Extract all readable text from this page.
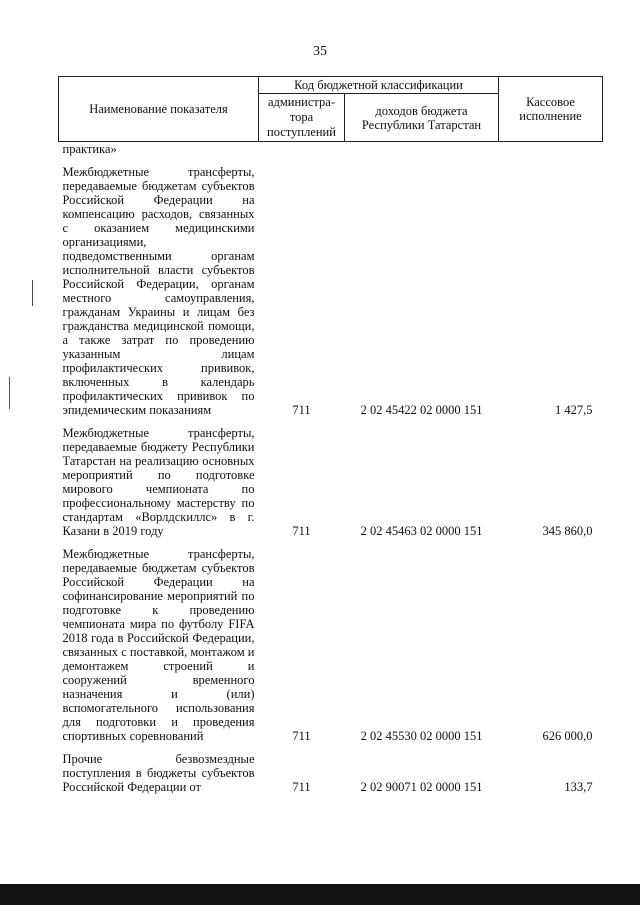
35
Наименование показателя	Код бюджетной классификации		Кассовое
исполнение
	администра-
тора
поступлений	доходов бюджета
Республики Татарстан	
практика»			

Межбюджетные трансферты, передаваемые бюджетам субъектов Российской Федерации на компенсацию расходов, связанных с оказанием медицинскими организациями, подведомственными органам исполнительной власти субъектов Российской Федерации, органам местного самоуправления, гражданам Украины и лицам без гражданства медицинской помощи, а также затрат по проведению указанным лицам профилактических прививок, включенных в календарь профилактических прививок по эпидемическим показаниям	711	2 02 45422 02 0000 151	1 427,5

Межбюджетные трансферты, передаваемые бюджету Республики Татарстан на реализацию основных мероприятий по подготовке мирового чемпионата по профессиональному мастерству по стандартам «Ворлдскиллс» в г. Казани в 2019 году	711	2 02 45463 02 0000 151	345 860,0

Межбюджетные трансферты, передаваемые бюджетам субъектов Российской Федерации на софинансирование мероприятий по подготовке к проведению чемпионата мира по футболу FIFA 2018 года в Российской Федерации, связанных с поставкой, монтажом и демонтажем строений и сооружений временного назначения и (или) вспомогательного использования для подготовки и проведения спортивных соревнований	711	2 02 45530 02 0000 151	626 000,0

Прочие безвозмездные поступления в бюджеты субъектов Российской Федерации от	711	2 02 90071 02 0000 151	133,7
